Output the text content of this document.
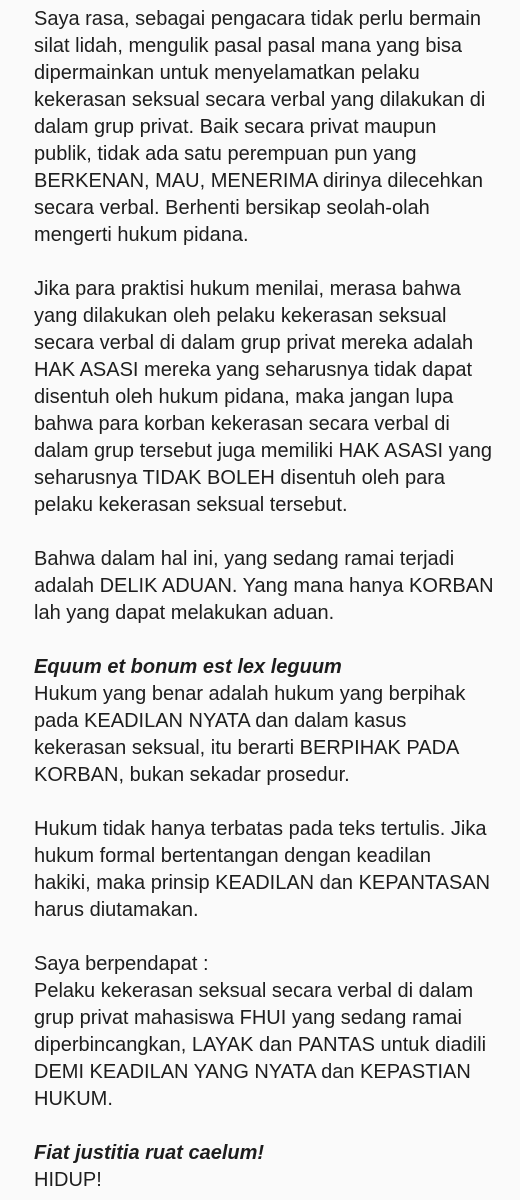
Saya rasa, sebagai pengacara tidak perlu bermain
silat lidah, mengulik pasal pasal mana yang bisa
dipermainkan untuk menyelamatkan pelaku
kekerasan seksual secara verbal yang dilakukan di
dalam grup privat. Baik secara privat maupun
publik, tidak ada satu perempuan pun yang
BERKENAN, MAU, MENERIMA dirinya dilecehkan
secara verbal. Berhenti bersikap seolah-olah
mengerti hukum pidana.
Jika para praktisi hukum menilai, merasa bahwa
yang dilakukan oleh pelaku kekerasan seksual
secara verbal di dalam grup privat mereka adalah
HAK ASASI mereka yang seharusnya tidak dapat
disentuh oleh hukum pidana, maka jangan lupa
bahwa para korban kekerasan secara verbal di
dalam grup tersebut juga memiliki HAK ASASI yang
seharusnya TIDAK BOLEH disentuh oleh para
pelaku kekerasan seksual tersebut.
Bahwa dalam hal ini, yang sedang ramai terjadi
adalah DELIK ADUAN. Yang mana hanya KORBAN
lah yang dapat melakukan aduan.
Equum et bonum est lex leguum
Hukum yang benar adalah hukum yang berpihak
pada KEADILAN NYATA dan dalam kasus
kekerasan seksual, itu berarti BERPIHAK PADA
KORBAN, bukan sekadar prosedur.
Hukum tidak hanya terbatas pada teks tertulis. Jika
hukum formal bertentangan dengan keadilan
hakiki, maka prinsip KEADILAN dan KEPANTASAN
harus diutamakan.
Saya berpendapat :
Pelaku kekerasan seksual secara verbal di dalam
grup privat mahasiswa FHUI yang sedang ramai
diperbincangkan, LAYAK dan PANTAS untuk diadili
DEMI KEADILAN YANG NYATA dan KEPASTIAN
HUKUM.
Fiat justitia ruat caelum!
HIDUP!
